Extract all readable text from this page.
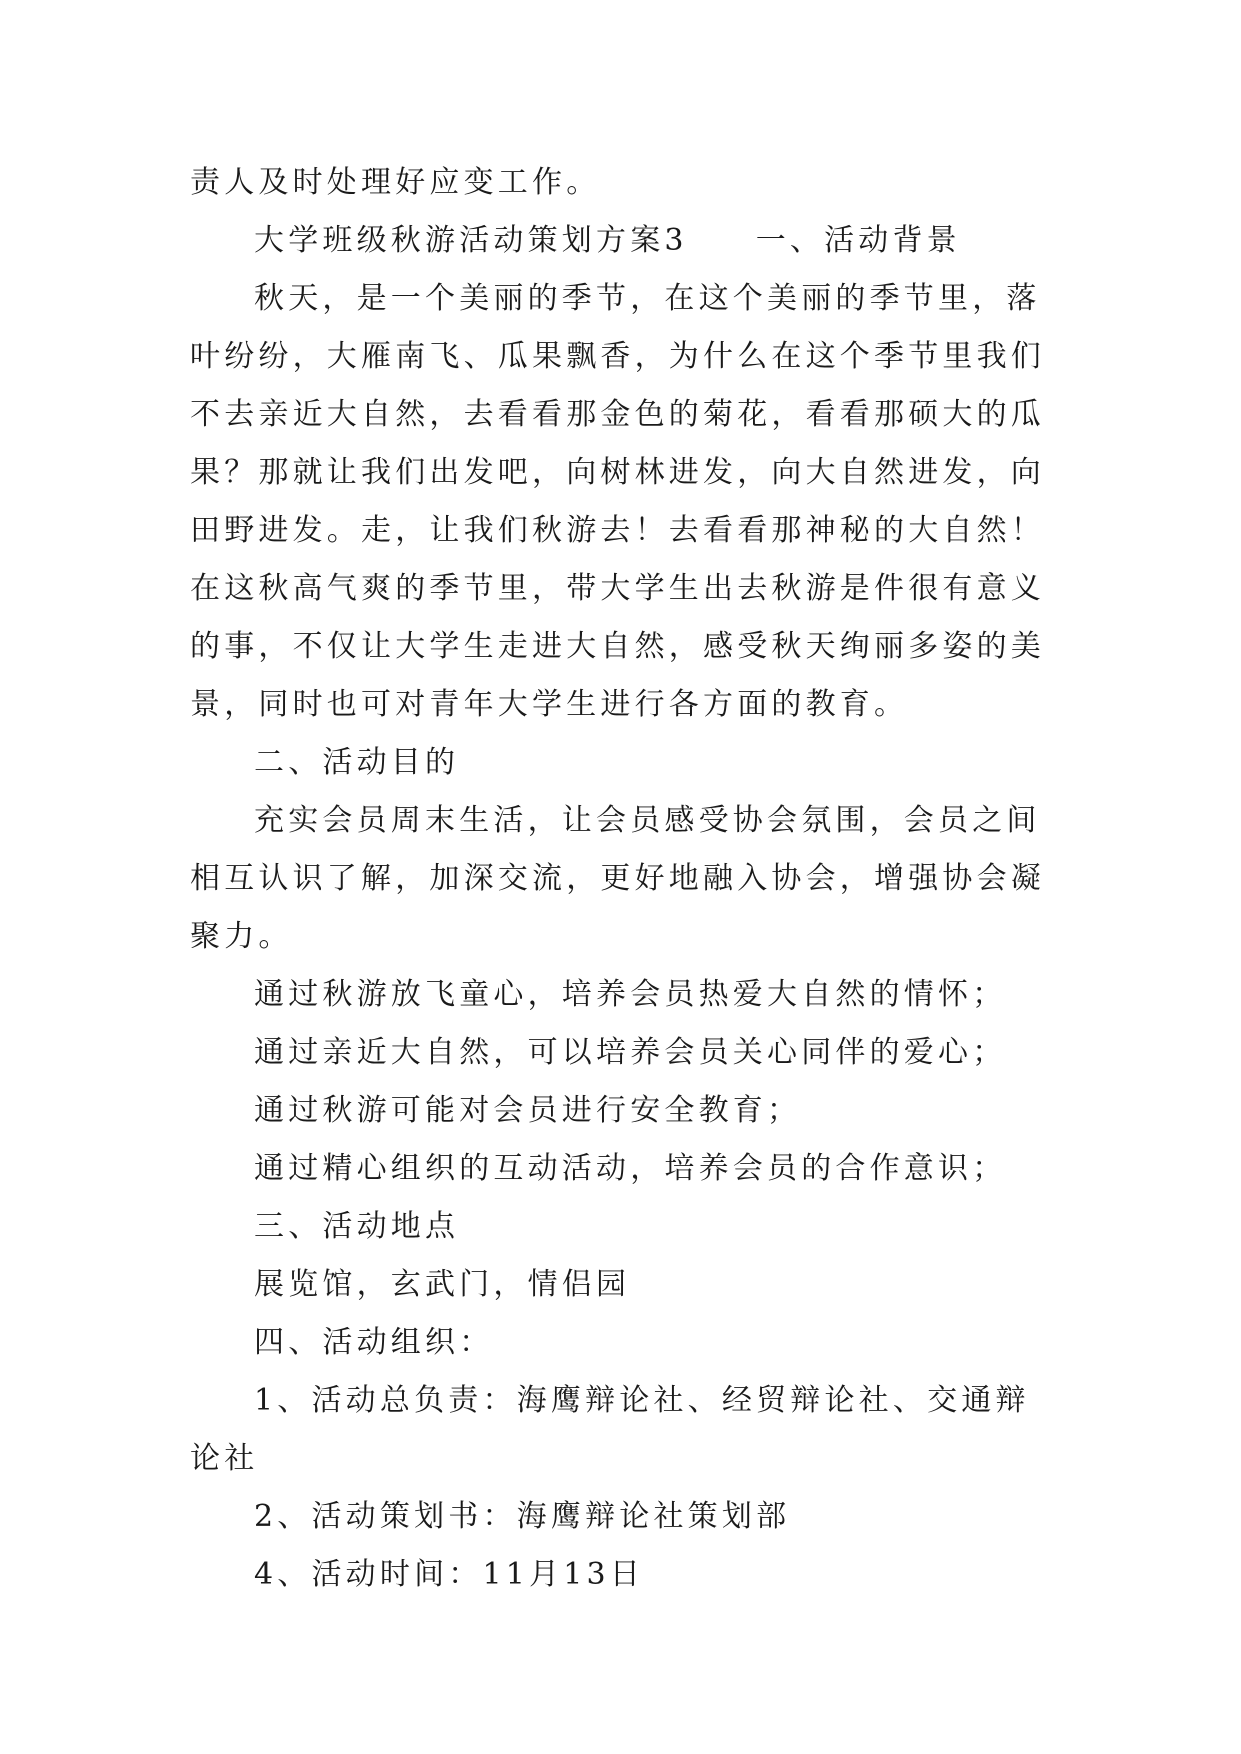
责人及时处理好应变工作。

大学班级秋游活动策划方案3 一、活动背景

秋天，是一个美丽的季节，在这个美丽的季节里，落叶纷纷，大雁南飞、瓜果飘香，为什么在这个季节里我们不去亲近大自然，去看看那金色的菊花，看看那硕大的瓜果？那就让我们出发吧，向树林进发，向大自然进发，向田野进发。走，让我们秋游去！去看看那神秘的大自然！在这秋高气爽的季节里，带大学生出去秋游是件很有意义的事，不仅让大学生走进大自然，感受秋天绚丽多姿的美景，同时也可对青年大学生进行各方面的教育。

二、活动目的

充实会员周末生活，让会员感受协会氛围，会员之间相互认识了解，加深交流，更好地融入协会，增强协会凝聚力。

通过秋游放飞童心，培养会员热爱大自然的情怀；

通过亲近大自然，可以培养会员关心同伴的爱心；

通过秋游可能对会员进行安全教育；

通过精心组织的互动活动，培养会员的合作意识；

三、活动地点

展览馆，玄武门，情侣园

四、活动组织：

1、活动总负责：海鹰辩论社、经贸辩论社、交通辩论社

2、活动策划书：海鹰辩论社策划部

4、活动时间：11月13日
